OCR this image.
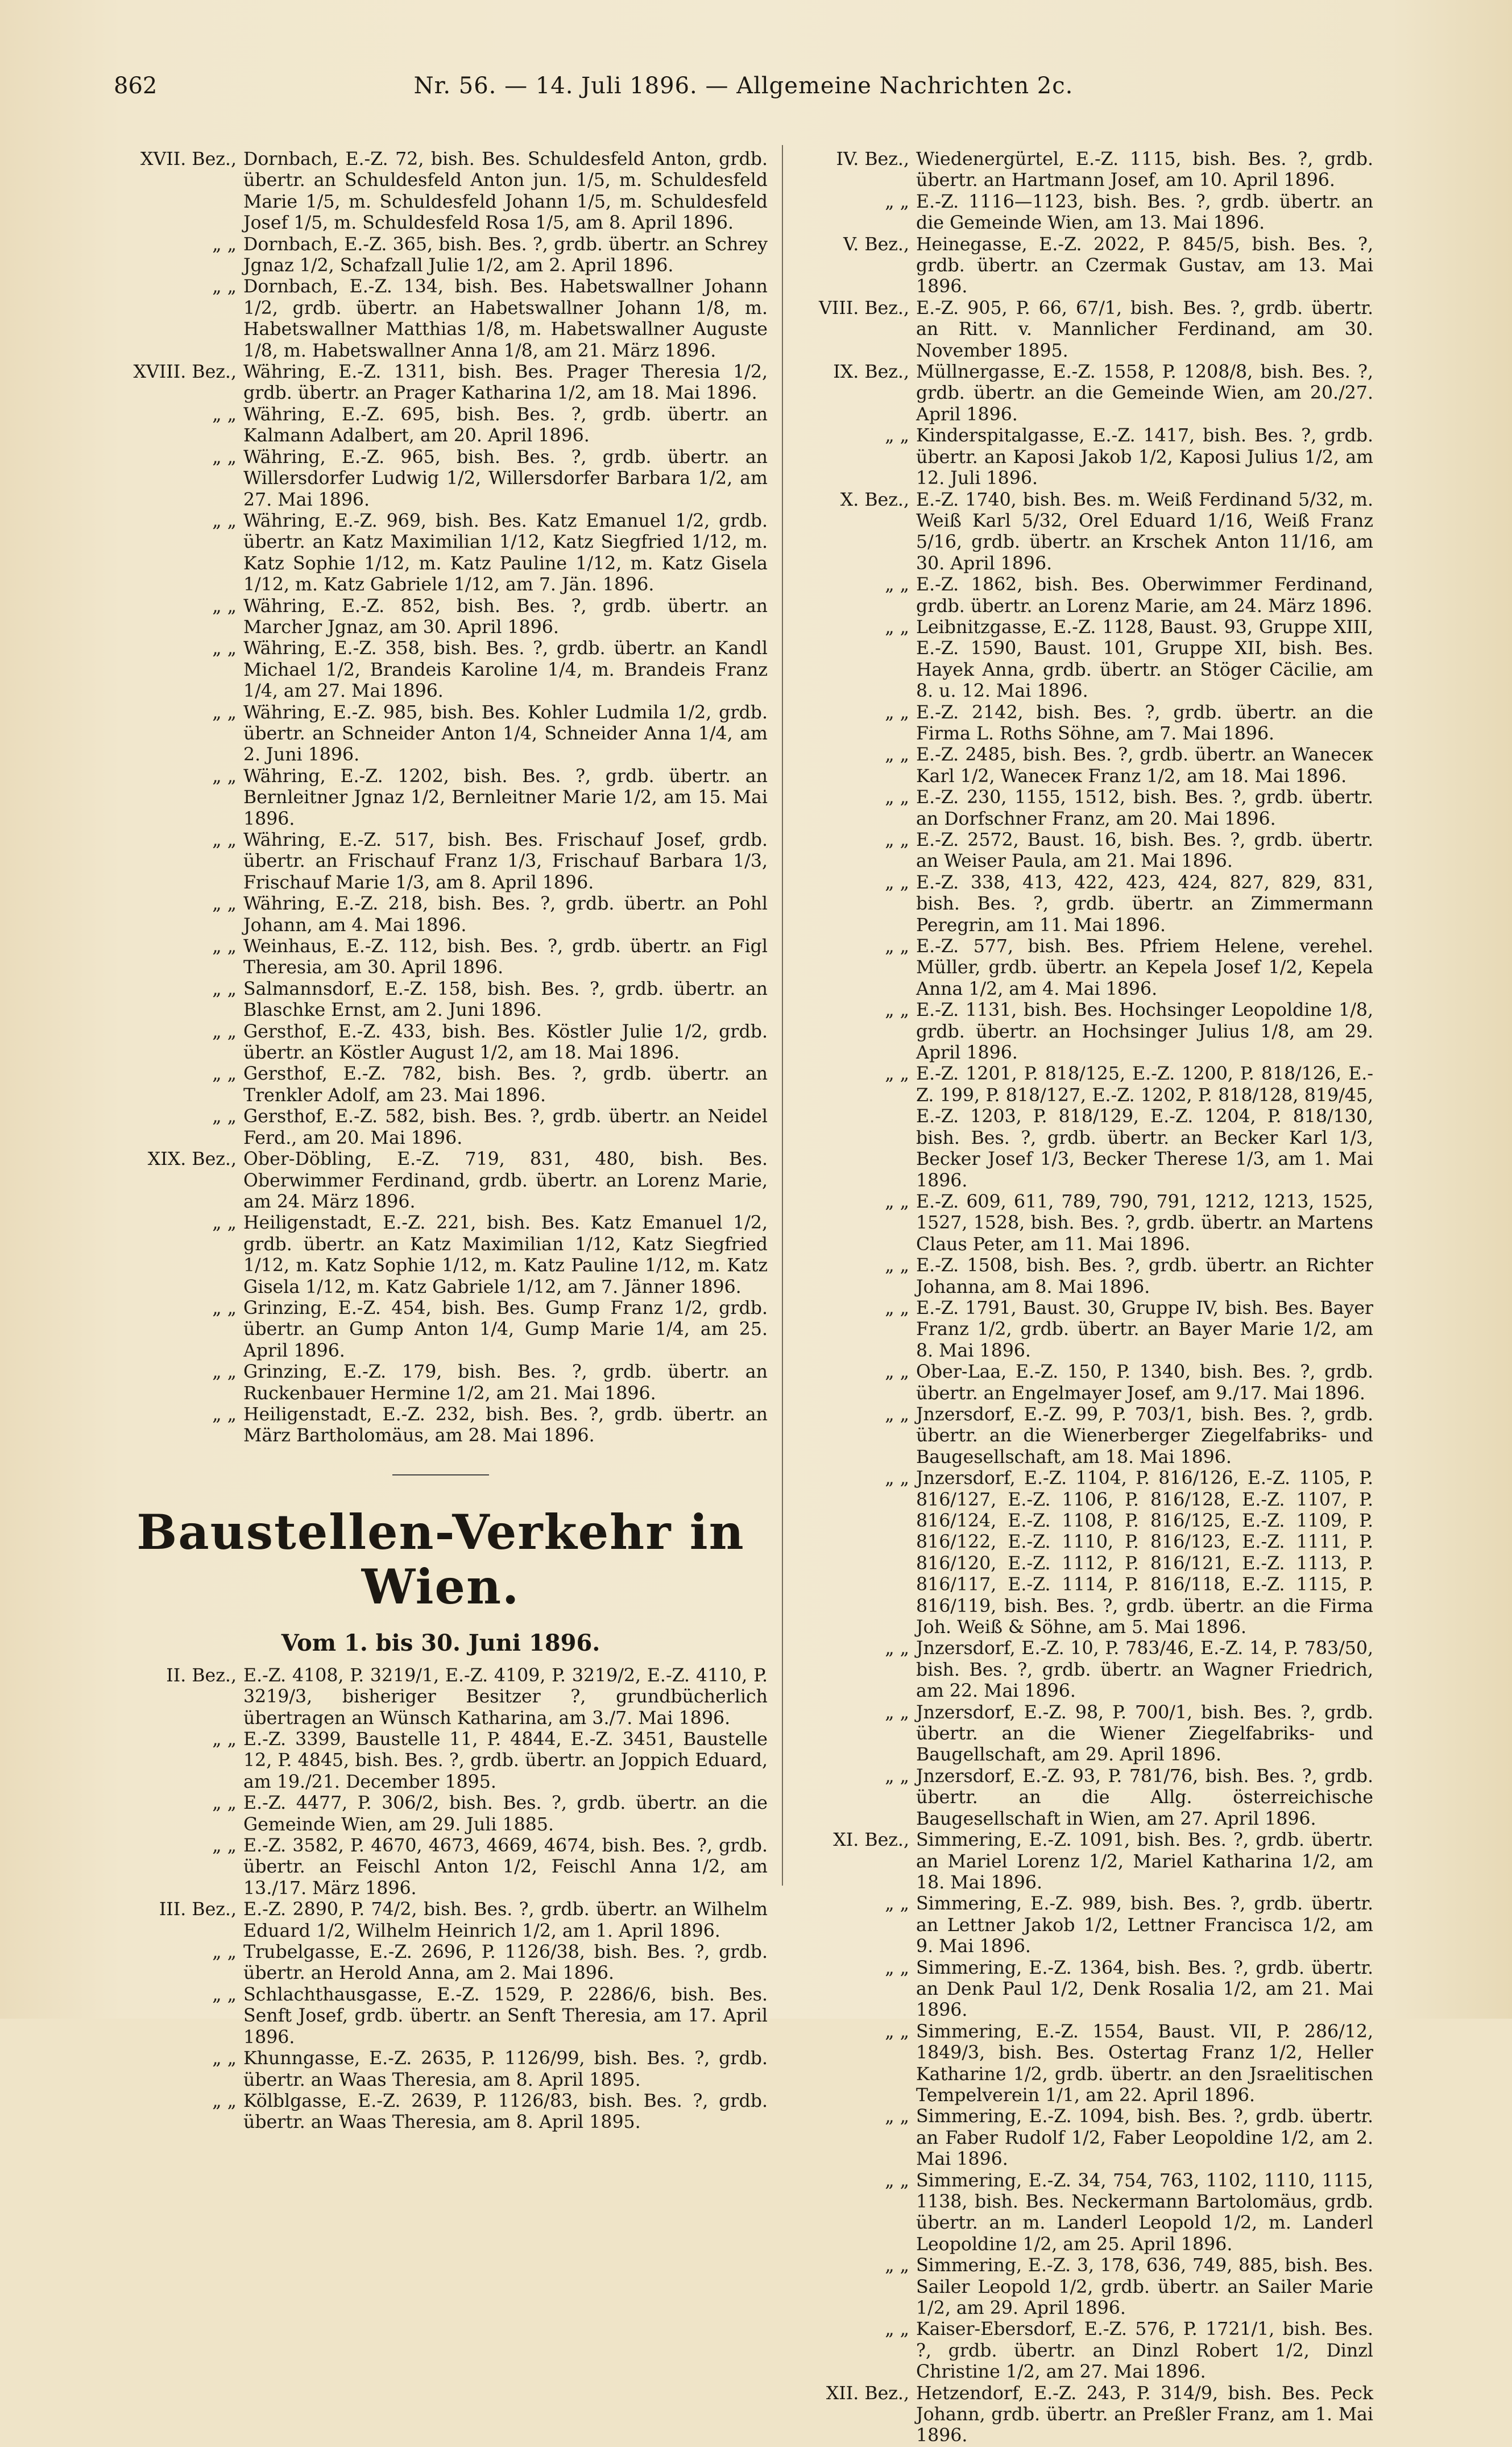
862	Nr. 56. — 14. Juli 1896. — Allgemeine Nachrichten 2c.
XVII. Bez., Dornbach, E.-Z. 72, bish. Bes. Schuldesfeld Anton, grdb. übertr. an Schuldesfeld Anton jun. 1/5, m. Schuldesfeld Marie 1/5, m. Schuldesfeld Johann 1/5, m. Schuldesfeld Josef 1/5, m. Schuldesfeld Rosa 1/5, am 8. April 1896.
„ „ Dornbach, E.-Z. 365, bish. Bes. ?, grdb. übertr. an Schrey Jgnaz 1/2, Schafzall Julie 1/2, am 2. April 1896.
„ „ Dornbach, E.-Z. 134, bish. Bes. Habetswallner Johann 1/2, grdb. übertr. an Habetswallner Johann 1/8, m. Habetswallner Matthias 1/8, m. Habetswallner Auguste 1/8, m. Habetswallner Anna 1/8, am 21. März 1896.
XVIII. Bez., Währing, E.-Z. 1311, bish. Bes. Prager Theresia 1/2, grdb. übertr. an Prager Katharina 1/2, am 18. Mai 1896.
„ „ Währing, E.-Z. 695, bish. Bes. ?, grdb. übertr. an Kalmann Adalbert, am 20. April 1896.
„ „ Währing, E.-Z. 965, bish. Bes. ?, grdb. übertr. an Willersdorfer Ludwig 1/2, Willersdorfer Barbara 1/2, am 27. Mai 1896.
„ „ Währing, E.-Z. 969, bish. Bes. Katz Emanuel 1/2, grdb. übertr. an Katz Maximilian 1/12, Katz Siegfried 1/12, m. Katz Sophie 1/12, m. Katz Pauline 1/12, m. Katz Gisela 1/12, m. Katz Gabriele 1/12, am 7. Jän. 1896.
„ „ Währing, E.-Z. 852, bish. Bes. ?, grdb. übertr. an Marcher Jgnaz, am 30. April 1896.
„ „ Währing, E.-Z. 358, bish. Bes. ?, grdb. übertr. an Kandl Michael 1/2, Brandeis Karoline 1/4, m. Brandeis Franz 1/4, am 27. Mai 1896.
„ „ Währing, E.-Z. 985, bish. Bes. Kohler Ludmila 1/2, grdb. übertr. an Schneider Anton 1/4, Schneider Anna 1/4, am 2. Juni 1896.
„ „ Währing, E.-Z. 1202, bish. Bes. ?, grdb. übertr. an Bernleitner Jgnaz 1/2, Bernleitner Marie 1/2, am 15. Mai 1896.
„ „ Währing, E.-Z. 517, bish. Bes. Frischauf Josef, grdb. übertr. an Frischauf Franz 1/3, Frischauf Barbara 1/3, Frischauf Marie 1/3, am 8. April 1896.
„ „ Währing, E.-Z. 218, bish. Bes. ?, grdb. übertr. an Pohl Johann, am 4. Mai 1896.
„ „ Weinhaus, E.-Z. 112, bish. Bes. ?, grdb. übertr. an Figl Theresia, am 30. April 1896.
„ „ Salmannsdorf, E.-Z. 158, bish. Bes. ?, grdb. übertr. an Blaschke Ernst, am 2. Juni 1896.
„ „ Gersthof, E.-Z. 433, bish. Bes. Köstler Julie 1/2, grdb. übertr. an Köstler August 1/2, am 18. Mai 1896.
„ „ Gersthof, E.-Z. 782, bish. Bes. ?, grdb. übertr. an Trenkler Adolf, am 23. Mai 1896.
„ „ Gersthof, E.-Z. 582, bish. Bes. ?, grdb. übertr. an Neidel Ferd., am 20. Mai 1896.
XIX. Bez., Ober-Döbling, E.-Z. 719, 831, 480, bish. Bes. Oberwimmer Ferdinand, grdb. übertr. an Lorenz Marie, am 24. März 1896.
„ „ Heiligenstadt, E.-Z. 221, bish. Bes. Katz Emanuel 1/2, grdb. übertr. an Katz Maximilian 1/12, Katz Siegfried 1/12, m. Katz Sophie 1/12, m. Katz Pauline 1/12, m. Katz Gisela 1/12, m. Katz Gabriele 1/12, am 7. Jänner 1896.
„ „ Grinzing, E.-Z. 454, bish. Bes. Gump Franz 1/2, grdb. übertr. an Gump Anton 1/4, Gump Marie 1/4, am 25. April 1896.
„ „ Grinzing, E.-Z. 179, bish. Bes. ?, grdb. übertr. an Ruckenbauer Hermine 1/2, am 21. Mai 1896.
„ „ Heiligenstadt, E.-Z. 232, bish. Bes. ?, grdb. übertr. an März Bartholomäus, am 28. Mai 1896.
Baustellen-Verkehr in Wien.
Vom 1. bis 30. Juni 1896.
II. Bez., E.-Z. 4108, P. 3219/1, E.-Z. 4109, P. 3219/2, E.-Z. 4110, P. 3219/3, bisheriger Besitzer ?, grundbücherlich übertragen an Wünsch Katharina, am 3./7. Mai 1896.
„ „ E.-Z. 3399, Baustelle 11, P. 4844, E.-Z. 3451, Baustelle 12, P. 4845, bish. Bes. ?, grdb. übertr. an Joppich Eduard, am 19./21. December 1895.
„ „ E.-Z. 4477, P. 306/2, bish. Bes. ?, grdb. übertr. an die Gemeinde Wien, am 29. Juli 1885.
„ „ E.-Z. 3582, P. 4670, 4673, 4669, 4674, bish. Bes. ?, grdb. übertr. an Feischl Anton 1/2, Feischl Anna 1/2, am 13./17. März 1896.
III. Bez., E.-Z. 2890, P. 74/2, bish. Bes. ?, grdb. übertr. an Wilhelm Eduard 1/2, Wilhelm Heinrich 1/2, am 1. April 1896.
„ „ Trubelgasse, E.-Z. 2696, P. 1126/38, bish. Bes. ?, grdb. übertr. an Herold Anna, am 2. Mai 1896.
„ „ Schlachthausgasse, E.-Z. 1529, P. 2286/6, bish. Bes. Senft Josef, grdb. übertr. an Senft Theresia, am 17. April 1896.
„ „ Khunngasse, E.-Z. 2635, P. 1126/99, bish. Bes. ?, grdb. übertr. an Waas Theresia, am 8. April 1895.
„ „ Kölblgasse, E.-Z. 2639, P. 1126/83, bish. Bes. ?, grdb. übertr. an Waas Theresia, am 8. April 1895.
IV. Bez., Wiedenergürtel, E.-Z. 1115, bish. Bes. ?, grdb. übertr. an Hartmann Josef, am 10. April 1896.
„ „ E.-Z. 1116—1123, bish. Bes. ?, grdb. übertr. an die Gemeinde Wien, am 13. Mai 1896.
V. Bez., Heinegasse, E.-Z. 2022, P. 845/5, bish. Bes. ?, grdb. übertr. an Czermak Gustav, am 13. Mai 1896.
VIII. Bez., E.-Z. 905, P. 66, 67/1, bish. Bes. ?, grdb. übertr. an Ritt. v. Mannlicher Ferdinand, am 30. November 1895.
IX. Bez., Müllnergasse, E.-Z. 1558, P. 1208/8, bish. Bes. ?, grdb. übertr. an die Gemeinde Wien, am 20./27. April 1896.
„ „ Kinderspitalgasse, E.-Z. 1417, bish. Bes. ?, grdb. übertr. an Kaposi Jakob 1/2, Kaposi Julius 1/2, am 12. Juli 1896.
X. Bez., E.-Z. 1740, bish. Bes. m. Weiß Ferdinand 5/32, m. Weiß Karl 5/32, Orel Eduard 1/16, Weiß Franz 5/16, grdb. übertr. an Krschek Anton 11/16, am 30. April 1896.
„ „ E.-Z. 1862, bish. Bes. Oberwimmer Ferdinand, grdb. übertr. an Lorenz Marie, am 24. März 1896.
„ „ Leibnitzgasse, E.-Z. 1128, Baust. 93, Gruppe XIII, E.-Z. 1590, Baust. 101, Gruppe XII, bish. Bes. Hayek Anna, grdb. übertr. an Stöger Cäcilie, am 8. u. 12. Mai 1896.
„ „ E.-Z. 2142, bish. Bes. ?, grdb. übertr. an die Firma L. Roths Söhne, am 7. Mai 1896.
„ „ E.-Z. 2485, bish. Bes. ?, grdb. übertr. an Waneceк Karl 1/2, Waneceк Franz 1/2, am 18. Mai 1896.
„ „ E.-Z. 230, 1155, 1512, bish. Bes. ?, grdb. übertr. an Dorfschner Franz, am 20. Mai 1896.
„ „ E.-Z. 2572, Baust. 16, bish. Bes. ?, grdb. übertr. an Weiser Paula, am 21. Mai 1896.
„ „ E.-Z. 338, 413, 422, 423, 424, 827, 829, 831, bish. Bes. ?, grdb. übertr. an Zimmermann Peregrin, am 11. Mai 1896.
„ „ E.-Z. 577, bish. Bes. Pfriem Helene, verehel. Müller, grdb. übertr. an Kepela Josef 1/2, Kepela Anna 1/2, am 4. Mai 1896.
„ „ E.-Z. 1131, bish. Bes. Hochsinger Leopoldine 1/8, grdb. übertr. an Hochsinger Julius 1/8, am 29. April 1896.
„ „ E.-Z. 1201, P. 818/125, E.-Z. 1200, P. 818/126, E.-Z. 199, P. 818/127, E.-Z. 1202, P. 818/128, 819/45, E.-Z. 1203, P. 818/129, E.-Z. 1204, P. 818/130, bish. Bes. ?, grdb. übertr. an Becker Karl 1/3, Becker Josef 1/3, Becker Therese 1/3, am 1. Mai 1896.
„ „ E.-Z. 609, 611, 789, 790, 791, 1212, 1213, 1525, 1527, 1528, bish. Bes. ?, grdb. übertr. an Martens Claus Peter, am 11. Mai 1896.
„ „ E.-Z. 1508, bish. Bes. ?, grdb. übertr. an Richter Johanna, am 8. Mai 1896.
„ „ E.-Z. 1791, Baust. 30, Gruppe IV, bish. Bes. Bayer Franz 1/2, grdb. übertr. an Bayer Marie 1/2, am 8. Mai 1896.
„ „ Ober-Laa, E.-Z. 150, P. 1340, bish. Bes. ?, grdb. übertr. an Engelmayer Josef, am 9./17. Mai 1896.
„ „ Jnzersdorf, E.-Z. 99, P. 703/1, bish. Bes. ?, grdb. übertr. an die Wienerberger Ziegelfabriks- und Baugesellschaft, am 18. Mai 1896.
„ „ Jnzersdorf, E.-Z. 1104, P. 816/126, E.-Z. 1105, P. 816/127, E.-Z. 1106, P. 816/128, E.-Z. 1107, P. 816/124, E.-Z. 1108, P. 816/125, E.-Z. 1109, P. 816/122, E.-Z. 1110, P. 816/123, E.-Z. 1111, P. 816/120, E.-Z. 1112, P. 816/121, E.-Z. 1113, P. 816/117, E.-Z. 1114, P. 816/118, E.-Z. 1115, P. 816/119, bish. Bes. ?, grdb. übertr. an die Firma Joh. Weiß & Söhne, am 5. Mai 1896.
„ „ Jnzersdorf, E.-Z. 10, P. 783/46, E.-Z. 14, P. 783/50, bish. Bes. ?, grdb. übertr. an Wagner Friedrich, am 22. Mai 1896.
„ „ Jnzersdorf, E.-Z. 98, P. 700/1, bish. Bes. ?, grdb. übertr. an die Wiener Ziegelfabriks- und Baugellschaft, am 29. April 1896.
„ „ Jnzersdorf, E.-Z. 93, P. 781/76, bish. Bes. ?, grdb. übertr. an die Allg. österreichische Baugesellschaft in Wien, am 27. April 1896.
XI. Bez., Simmering, E.-Z. 1091, bish. Bes. ?, grdb. übertr. an Mariel Lorenz 1/2, Mariel Katharina 1/2, am 18. Mai 1896.
„ „ Simmering, E.-Z. 989, bish. Bes. ?, grdb. übertr. an Lettner Jakob 1/2, Lettner Francisca 1/2, am 9. Mai 1896.
„ „ Simmering, E.-Z. 1364, bish. Bes. ?, grdb. übertr. an Denk Paul 1/2, Denk Rosalia 1/2, am 21. Mai 1896.
„ „ Simmering, E.-Z. 1554, Baust. VII, P. 286/12, 1849/3, bish. Bes. Ostertag Franz 1/2, Heller Katharine 1/2, grdb. übertr. an den Jsraelitischen Tempelverein 1/1, am 22. April 1896.
„ „ Simmering, E.-Z. 1094, bish. Bes. ?, grdb. übertr. an Faber Rudolf 1/2, Faber Leopoldine 1/2, am 2. Mai 1896.
„ „ Simmering, E.-Z. 34, 754, 763, 1102, 1110, 1115, 1138, bish. Bes. Neckermann Bartolomäus, grdb. übertr. an m. Landerl Leopold 1/2, m. Landerl Leopoldine 1/2, am 25. April 1896.
„ „ Simmering, E.-Z. 3, 178, 636, 749, 885, bish. Bes. Sailer Leopold 1/2, grdb. übertr. an Sailer Marie 1/2, am 29. April 1896.
„ „ Kaiser-Ebersdorf, E.-Z. 576, P. 1721/1, bish. Bes. ?, grdb. übertr. an Dinzl Robert 1/2, Dinzl Christine 1/2, am 27. Mai 1896.
XII. Bez., Hetzendorf, E.-Z. 243, P. 314/9, bish. Bes. Peck Johann, grdb. übertr. an Preßler Franz, am 1. Mai 1896.
